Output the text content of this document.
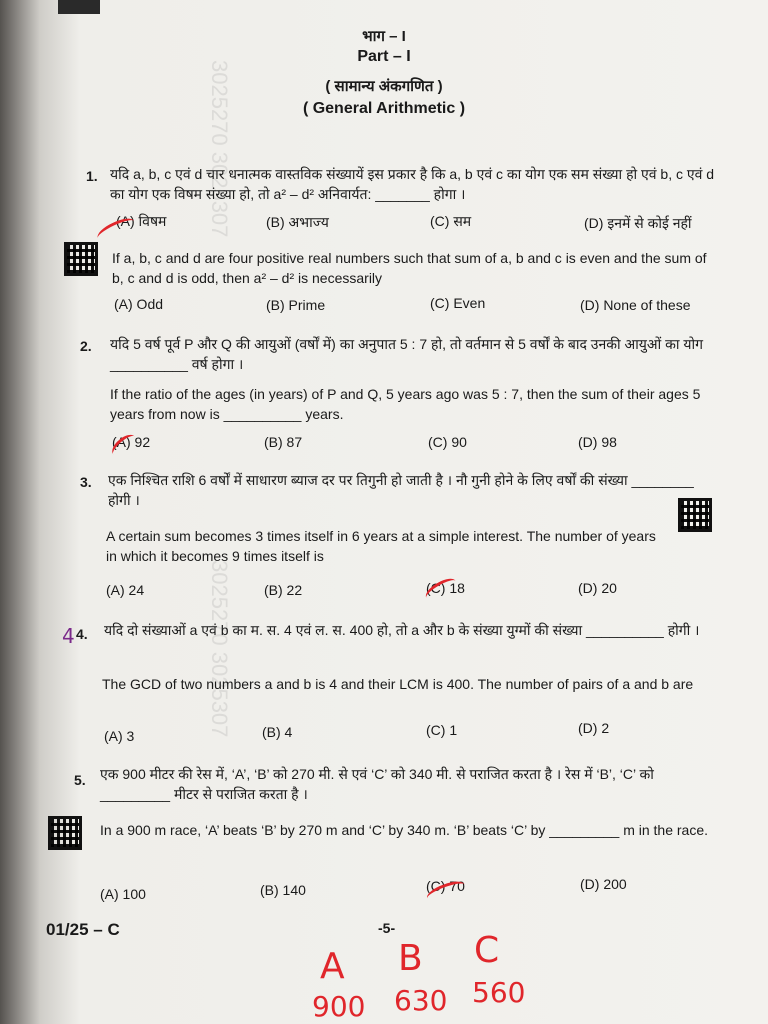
3025270 3025307
3025270 3025307
भाग – I
Part – I
( सामान्य अंकगणित )
( General Arithmetic )
1. यदि a, b, c एवं d चार धनात्मक वास्तविक संख्यायें इस प्रकार है कि a, b एवं c का योग एक सम संख्या हो एवं b, c एवं d का योग एक विषम संख्या हो, तो a² – d² अनिवार्यत: _______ होगा ।
(A) विषम	(B) अभाज्य	(C) सम	(D) इनमें से कोई नहीं
If a, b, c and d are four positive real numbers such that sum of a, b and c is even and the sum of b, c and d is odd, then a² – d² is necessarily
(A) Odd	(B) Prime	(C) Even	(D) None of these
2. यदि 5 वर्ष पूर्व P और Q की आयुओं (वर्षों में) का अनुपात 5 : 7 हो, तो वर्तमान से 5 वर्षों के बाद उनकी आयुओं का योग __________ वर्ष होगा ।
If the ratio of the ages (in years) of P and Q, 5 years ago was 5 : 7, then the sum of their ages 5 years from now is __________ years.
(A) 92	(B) 87	(C) 90	(D) 98
3. एक निश्चित राशि 6 वर्षों में साधारण ब्याज दर पर तिगुनी हो जाती है । नौ गुनी होने के लिए वर्षों की संख्या ________ होगी ।
A certain sum becomes 3 times itself in 6 years at a simple interest. The number of years in which it becomes 9 times itself is
(A) 24	(B) 22	(C) 18	(D) 20
4. यदि दो संख्याओं a एवं b का म. स. 4 एवं ल. स. 400 हो, तो a और b के संख्या युग्मों की संख्या __________ होगी ।
The GCD of two numbers a and b is 4 and their LCM is 400. The number of pairs of a and b are
(A) 3	(B) 4	(C) 1	(D) 2
5. एक 900 मीटर की रेस में, ‘A’, ‘B’ को 270 मी. से एवं ‘C’ को 340 मी. से पराजित करता है । रेस में ‘B’, ‘C’ को _________ मीटर से पराजित करता है ।
In a 900 m race, ‘A’ beats ‘B’ by 270 m and ‘C’ by 340 m. ‘B’ beats ‘C’ by _________ m in the race.
(A) 100	(B) 140	(C) 70	(D) 200
01/25 – C	-5-
4
A B C
900 630 560
